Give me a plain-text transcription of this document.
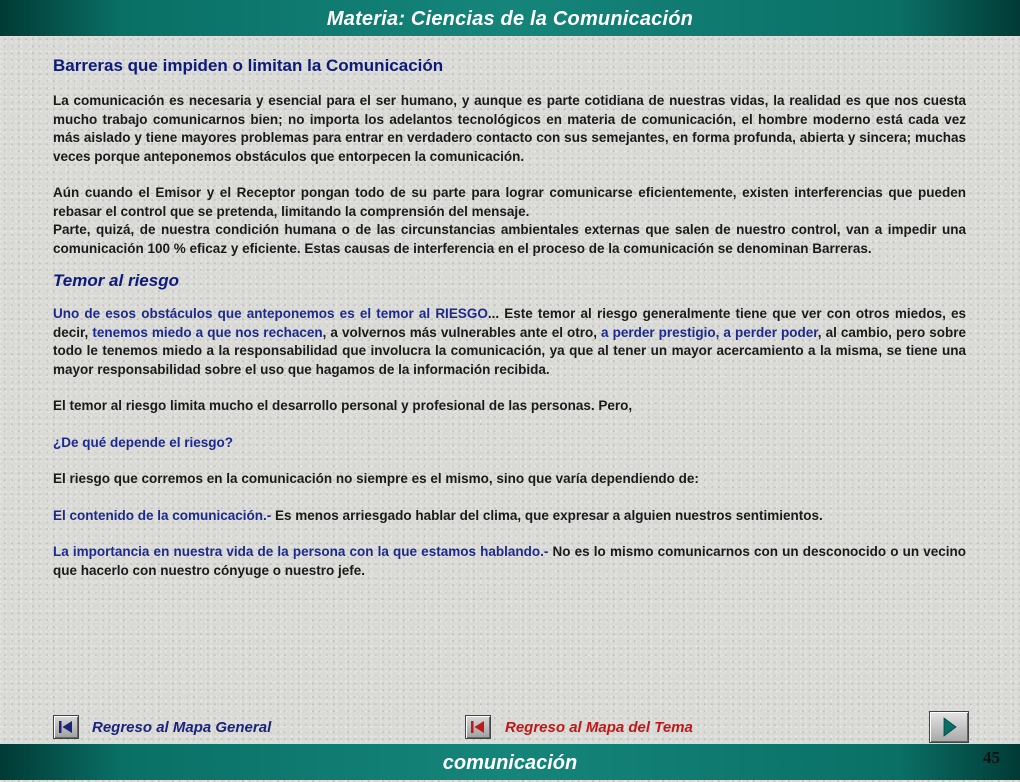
Materia: Ciencias de la Comunicación
Barreras que impiden o limitan la Comunicación

La comunicación es necesaria y esencial para el ser humano, y aunque es parte cotidiana de nuestras vidas, la realidad es que nos cuesta mucho trabajo comunicarnos bien; no importa los adelantos tecnológicos en materia de comunicación, el hombre moderno está cada vez más aislado y tiene mayores problemas para entrar en verdadero contacto con sus semejantes, en forma profunda, abierta y sincera; muchas veces porque anteponemos obstáculos que entorpecen la comunicación.

Aún cuando el Emisor y el Receptor pongan todo de su parte para lograr comunicarse eficientemente, existen interferencias que pueden rebasar el control que se pretenda, limitando la comprensión del mensaje.

Parte, quizá, de nuestra condición humana o de las circunstancias ambientales externas que salen de nuestro control, van a impedir una comunicación 100 % eficaz y eficiente. Estas causas de interferencia en el proceso de la comunicación se denominan Barreras.

Temor al riesgo

Uno de esos obstáculos que anteponemos es el temor al RIESGO... Este temor al riesgo generalmente tiene que ver con otros miedos, es decir, tenemos miedo a que nos rechacen, a volvernos más vulnerables ante el otro, a perder prestigio, a perder poder, al cambio, pero sobre todo le tenemos miedo a la responsabilidad que involucra la comunicación, ya que al tener un mayor acercamiento a la misma, se tiene una mayor responsabilidad sobre el uso que hagamos de la información recibida.

El temor al riesgo limita mucho el desarrollo personal y profesional de las personas. Pero,

¿De qué depende el riesgo?

El riesgo que corremos en la comunicación no siempre es el mismo, sino que varía dependiendo de:

El contenido de la comunicación.- Es menos arriesgado hablar del clima, que expresar a alguien nuestros sentimientos.

La importancia en nuestra vida de la persona con la que estamos hablando.- No es lo mismo comunicarnos con un desconocido o un vecino que hacerlo con nuestro cónyuge o nuestro jefe.

Regreso al Mapa General	Regreso al Mapa del Tema
comunicación	45
